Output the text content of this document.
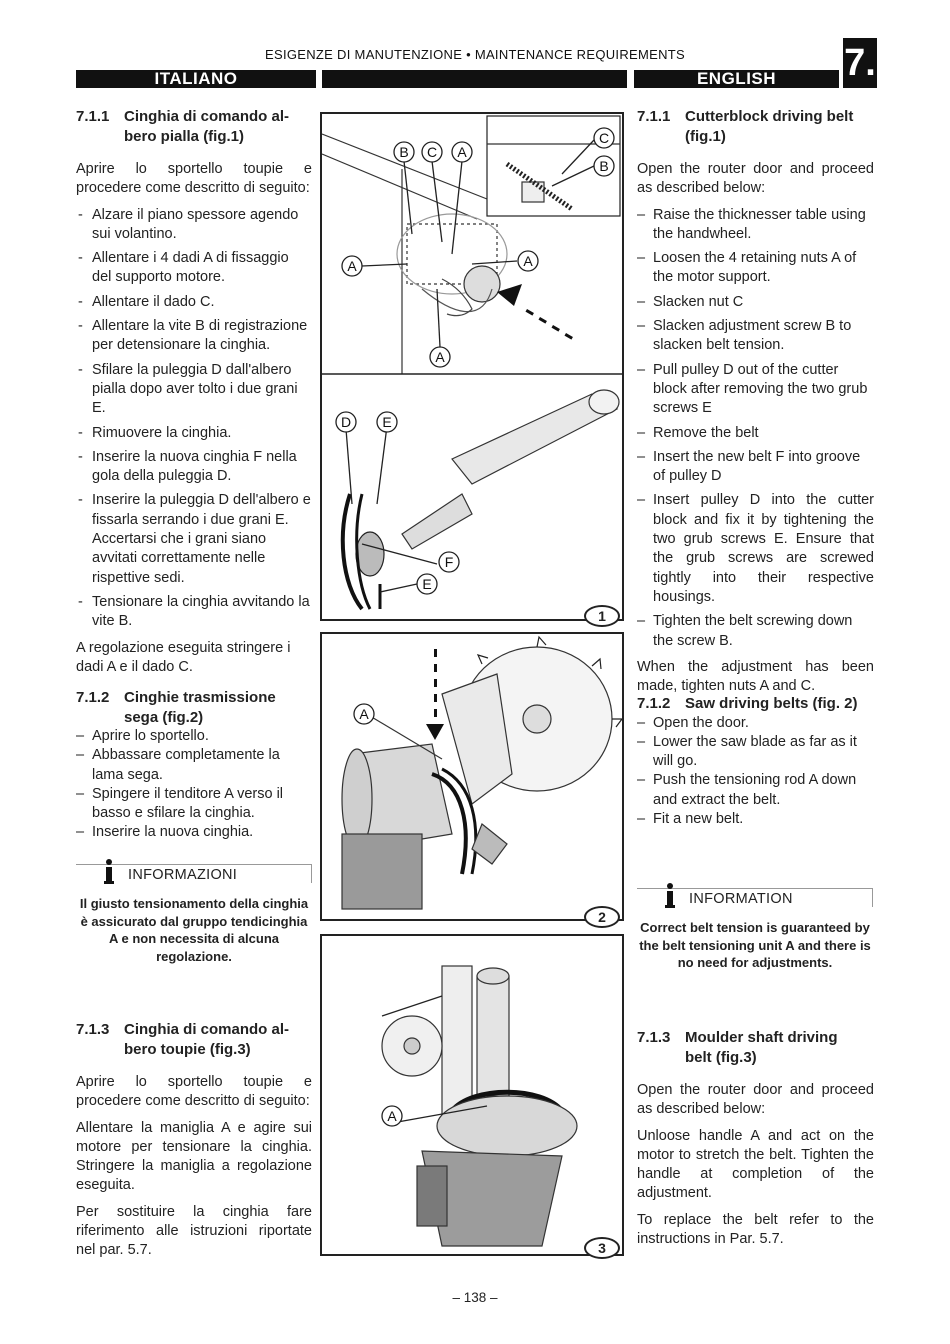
ESIGENZE DI MANUTENZIONE • MAINTENANCE REQUIREMENTS
ITALIANO	ENGLISH	7.
7.1.1 Cinghia di comando al-
bero pialla (fig.1)

Aprire lo sportello toupie e procedere come descritto di seguito:

- Alzare il piano spessore agendo sui volantino.
- Allentare i 4 dadi A di fissaggio del supporto motore.
- Allentare il dado C.
- Allentare la vite B di registrazione per detensionare la cinghia.
- Sfilare la puleggia D dall'albero pialla dopo aver tolto i due grani E.
- Rimuovere la cinghia.
- Inserire la nuova cinghia F nella gola della puleggia D.
- Inserire la puleggia D dell'albero e fissarla serrando i due grani E. Accertarsi che i grani siano avvitati correttamente nelle rispettive sedi.
- Tensionare la cinghia avvitando la vite B.

A regolazione eseguita stringere i dadi A e il dado C.

7.1.2 Cinghie trasmissione
sega (fig.2)
– Aprire lo sportello.
– Abbassare completamente la lama sega.
– Spingere il tenditore A verso il basso e sfilare la cinghia.
– Inserire la nuova cinghia.
INFORMAZIONI
Il giusto tensionamento della cinghia è assicurato dal gruppo tendicinghia A e non necessita di alcuna regolazione.
7.1.3 Cinghia di comando al-
bero toupie (fig.3)

Aprire lo sportello toupie e procedere come descritto di seguito:

Allentare la maniglia A e agire sui motore per tensionare la cinghia. Stringere la maniglia a regolazione eseguita.

Per sostituire la cinghia fare riferimento alle istruzioni riportate nel par. 5.7.

B C A
C
B
A	A
A
D E
F
E
1
A
2
A
3
7.1.1 Cutterblock driving belt
(fig.1)

Open the router door and proceed as described below:

– Raise the thicknesser table using the handwheel.
– Loosen the 4 retaining nuts A of the motor support.
– Slacken nut C
– Slacken adjustment screw B to slacken belt tension.
– Pull pulley D out of the cutter block after removing the two grub screws E
– Remove the belt
– Insert the new belt F into groove of pulley D
– Insert pulley D into the cutter block and fix it by tightening the two grub screws E. Ensure that the grub screws are screwed tightly into their respective housings.
– Tighten the belt screwing down the screw B.

When the adjustment has been made, tighten nuts A and C.

7.1.2 Saw driving belts (fig. 2)
– Open the door.
– Lower the saw blade as far as it will go.
– Push the tensioning rod A down and extract the belt.
– Fit a new belt.
INFORMATION
Correct belt tension is guaranteed by the belt tensioning unit A and there is no need for adjustments.
7.1.3 Moulder shaft driving
belt (fig.3)

Open the router door and proceed as described below:

Unloose handle A and act on the motor to stretch the belt. Tighten the handle at completion of the adjustment.

To replace the belt refer to the instructions in Par. 5.7.

– 138 –
